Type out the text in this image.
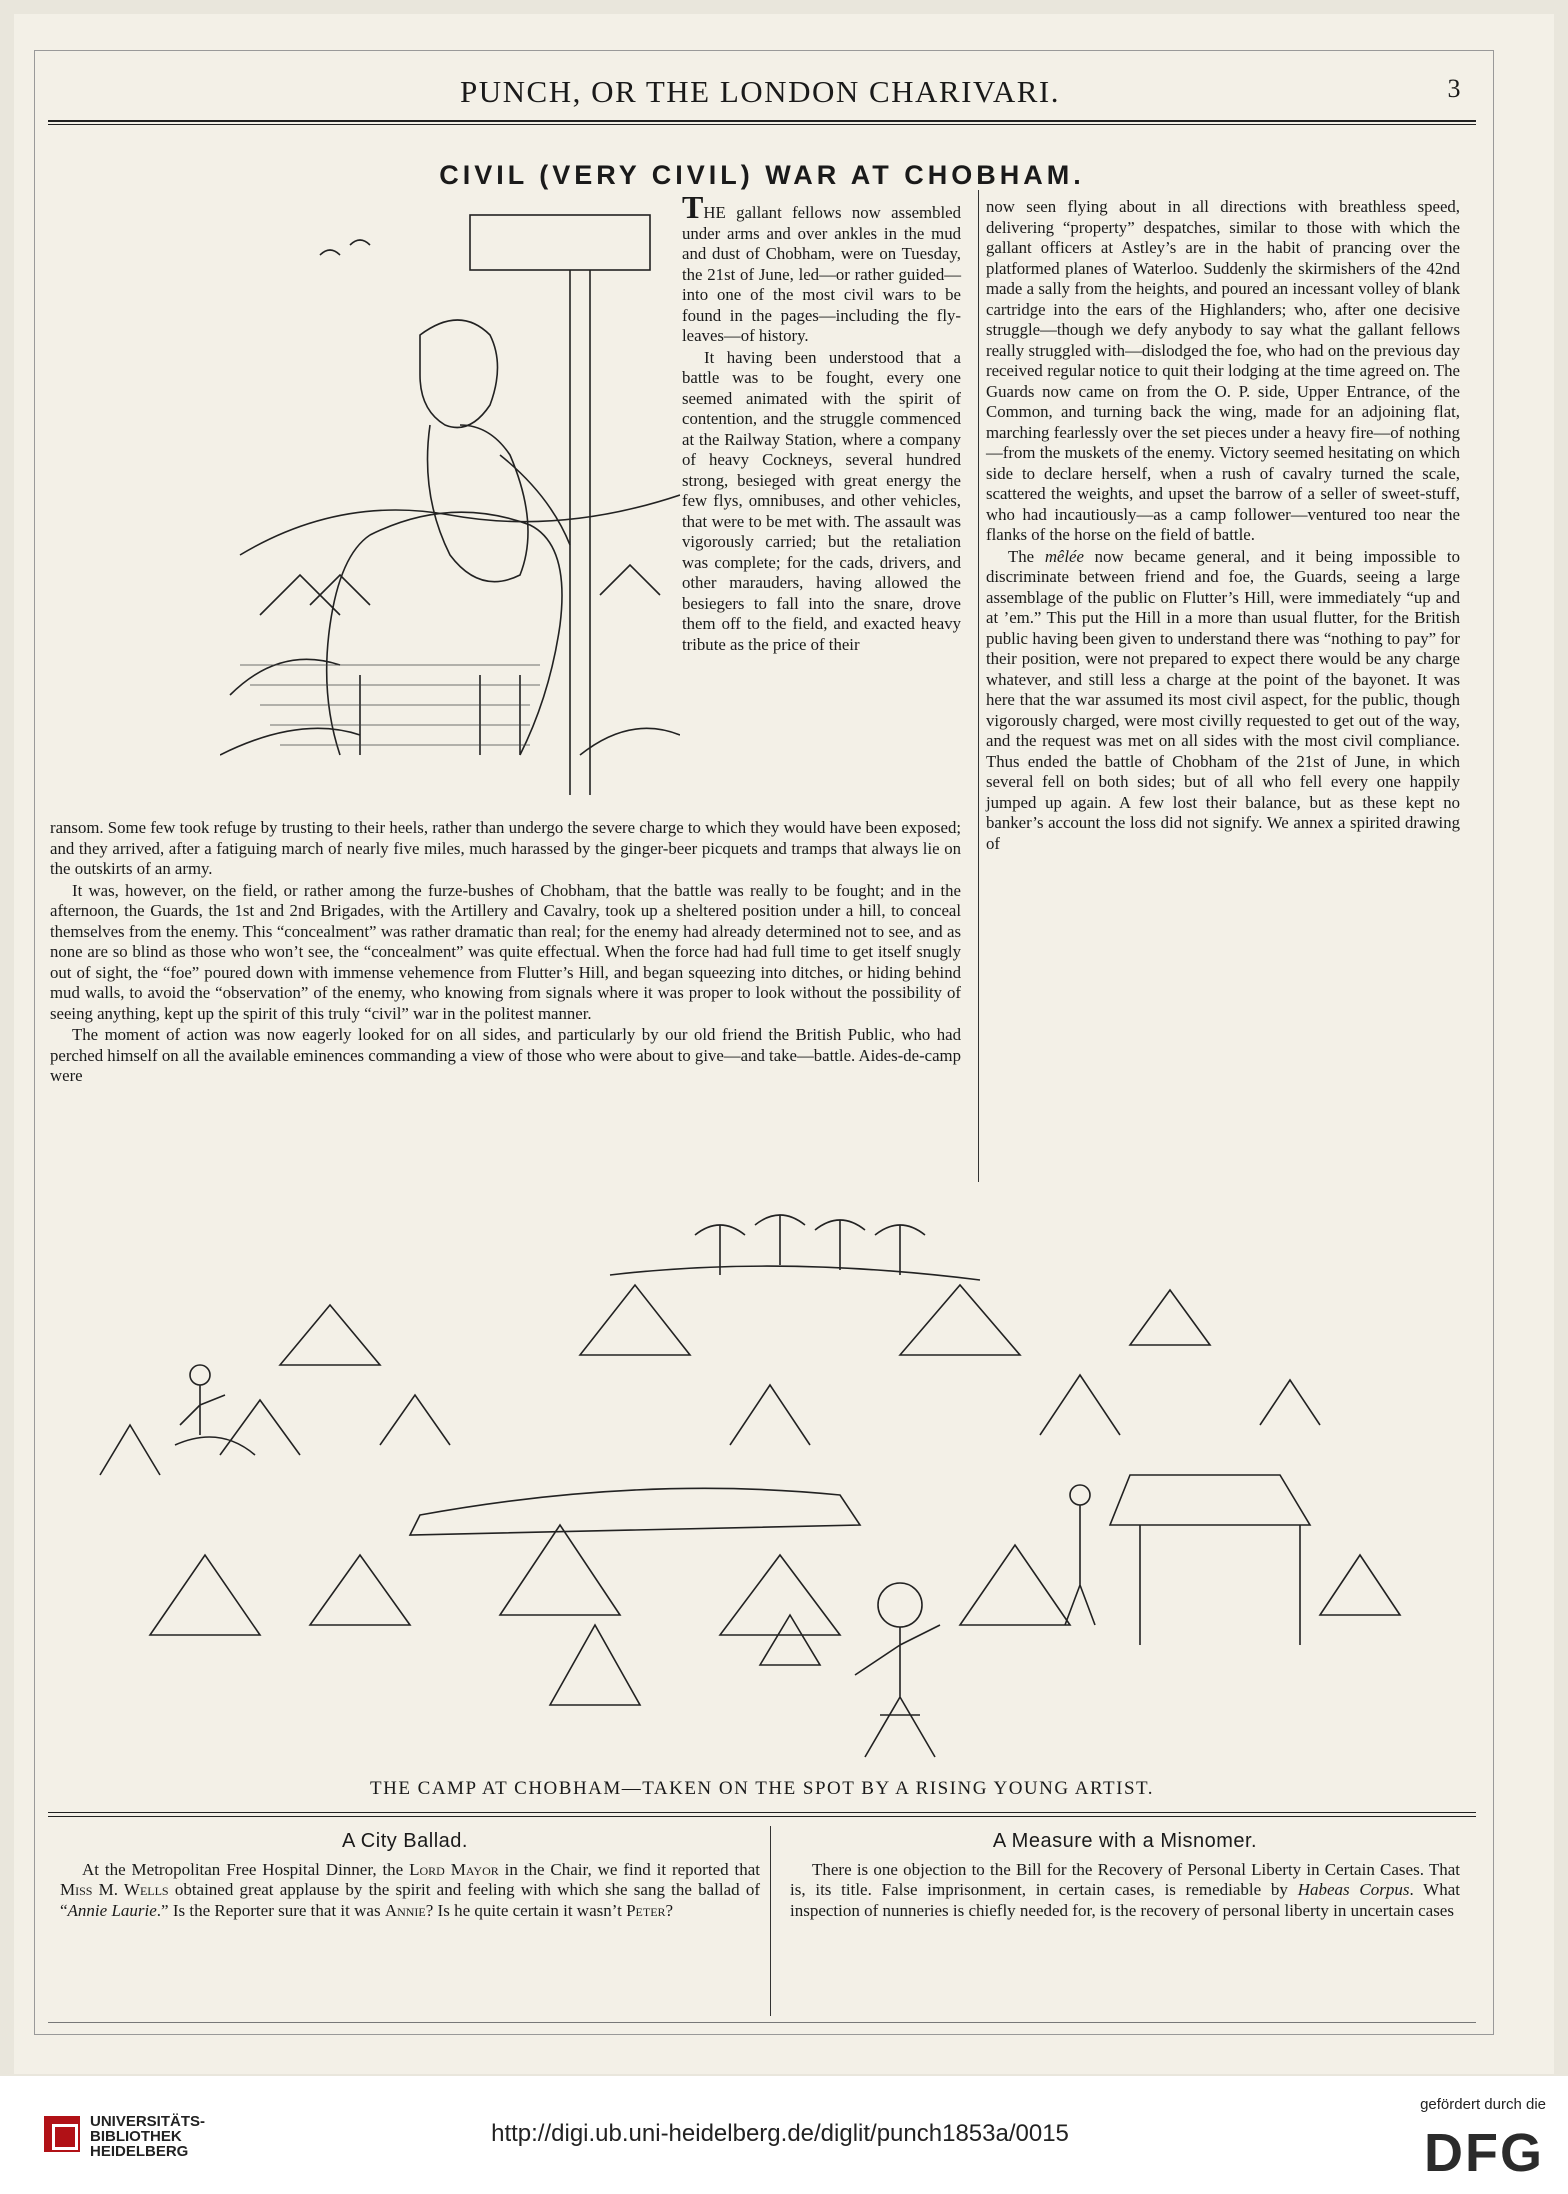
PUNCH, OR THE LONDON CHARIVARI.	3
CIVIL (VERY CIVIL) WAR AT CHOBHAM.

THE gallant fellows now assembled under arms and over ankles in the mud and dust of Chobham, were on Tuesday, the 21st of June, led—or rather guided—into one of the most civil wars to be found in the pages—including the fly-leaves—of history.

It having been understood that a battle was to be fought, every one seemed animated with the spirit of contention, and the struggle commenced at the Railway Station, where a company of heavy Cockneys, several hundred strong, besieged with great energy the few flys, omnibuses, and other vehicles, that were to be met with. The assault was vigorously carried; but the retaliation was complete; for the cads, drivers, and other marauders, having allowed the besiegers to fall into the snare, drove them off to the field, and exacted heavy tribute as the price of their

ransom. Some few took refuge by trusting to their heels, rather than undergo the severe charge to which they would have been exposed; and they arrived, after a fatiguing march of nearly five miles, much harassed by the ginger-beer picquets and tramps that always lie on the outskirts of an army.

It was, however, on the field, or rather among the furze-bushes of Chobham, that the battle was really to be fought; and in the afternoon, the Guards, the 1st and 2nd Brigades, with the Artillery and Cavalry, took up a sheltered position under a hill, to conceal themselves from the enemy. This “concealment” was rather dramatic than real; for the enemy had already determined not to see, and as none are so blind as those who won’t see, the “concealment” was quite effectual. When the force had had full time to get itself snugly out of sight, the “foe” poured down with immense vehemence from Flutter’s Hill, and began squeezing into ditches, or hiding behind mud walls, to avoid the “observation” of the enemy, who knowing from signals where it was proper to look without the possibility of seeing anything, kept up the spirit of this truly “civil” war in the politest manner.

The moment of action was now eagerly looked for on all sides, and particularly by our old friend the British Public, who had perched himself on all the available eminences commanding a view of those who were about to give—and take—battle. Aides-de-camp were

now seen flying about in all directions with breathless speed, delivering “property” despatches, similar to those with which the gallant officers at Astley’s are in the habit of prancing over the platformed planes of Waterloo. Suddenly the skirmishers of the 42nd made a sally from the heights, and poured an incessant volley of blank cartridge into the ears of the Highlanders; who, after one decisive struggle—though we defy anybody to say what the gallant fellows really struggled with—dislodged the foe, who had on the previous day received regular notice to quit their lodging at the time agreed on. The Guards now came on from the O. P. side, Upper Entrance, of the Common, and turning back the wing, made for an adjoining flat, marching fearlessly over the set pieces under a heavy fire—of nothing—from the muskets of the enemy. Victory seemed hesitating on which side to declare herself, when a rush of cavalry turned the scale, scattered the weights, and upset the barrow of a seller of sweet-stuff, who had incautiously—as a camp follower—ventured too near the flanks of the horse on the field of battle.

The mêlée now became general, and it being impossible to discriminate between friend and foe, the Guards, seeing a large assemblage of the public on Flutter’s Hill, were immediately “up and at ’em.” This put the Hill in a more than usual flutter, for the British public having been given to understand there was “nothing to pay” for their position, were not prepared to expect there would be any charge whatever, and still less a charge at the point of the bayonet. It was here that the war assumed its most civil aspect, for the public, though vigorously charged, were most civilly requested to get out of the way, and the request was met on all sides with the most civil compliance. Thus ended the battle of Chobham of the 21st of June, in which several fell on both sides; but of all who fell every one happily jumped up again. A few lost their balance, but as these kept no banker’s account the loss did not signify. We annex a spirited drawing of

THE CAMP AT CHOBHAM—TAKEN ON THE SPOT BY A RISING YOUNG ARTIST.
A City Ballad.
At the Metropolitan Free Hospital Dinner, the Lord Mayor in the Chair, we find it reported that Miss M. Wells obtained great applause by the spirit and feeling with which she sang the ballad of “Annie Laurie.” Is the Reporter sure that it was Annie? Is he quite certain it wasn’t Peter?
A Measure with a Misnomer.
There is one objection to the Bill for the Recovery of Personal Liberty in Certain Cases. That is, its title. False imprisonment, in certain cases, is remediable by Habeas Corpus. What inspection of nunneries is chiefly needed for, is the recovery of personal liberty in uncertain cases
UNIVERSITÄTS-
BIBLIOTHEK
HEIDELBERG
http://digi.ub.uni-heidelberg.de/diglit/punch1853a/0015
gefördert durch die
DFG
